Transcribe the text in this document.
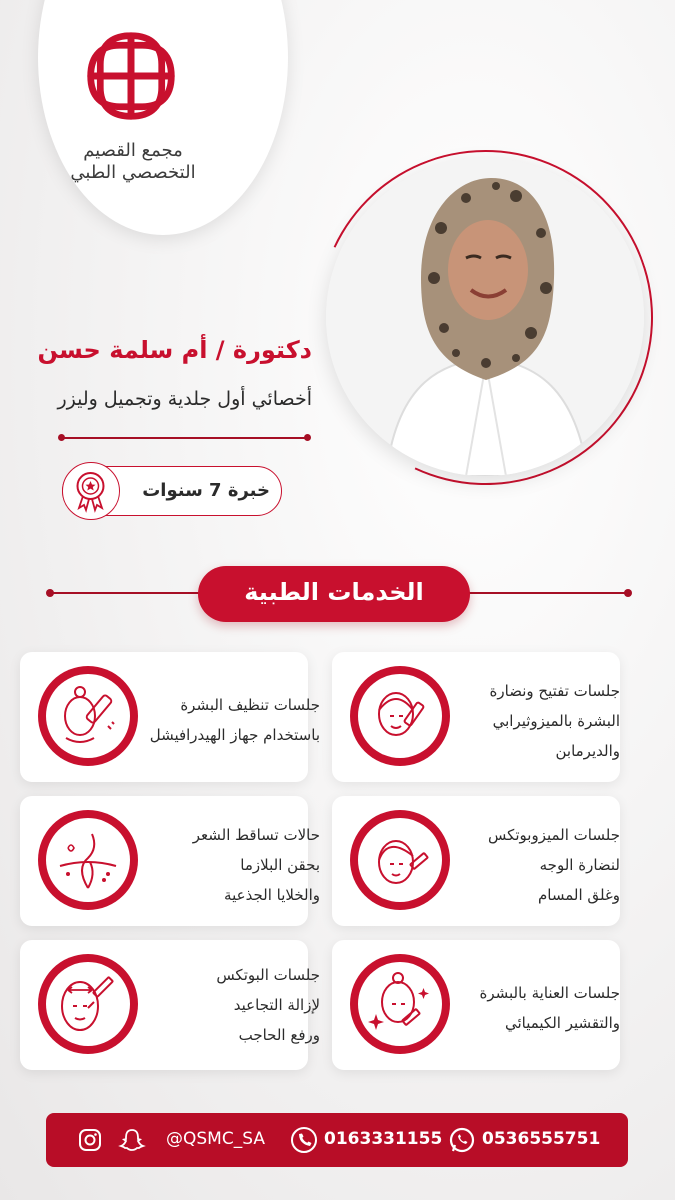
مجمع القصيم
التخصصي الطبي
دكتورة / أم سلمة حسن
أخصائي أول جلدية وتجميل وليزر
خبرة 7 سنوات
الخدمات الطبية
جلسات تفتيح ونضارة
البشرة بالميزوثيرابي
والديرمابن
جلسات تنظيف البشرة
باستخدام جهاز الهيدرافيشل
جلسات الميزوبوتكس
لنضارة الوجه
وغلق المسام
حالات تساقط الشعر
بحقن البلازما
والخلايا الجذعية
جلسات العناية بالبشرة
والتقشير الكيميائي
جلسات البوتكس
لإزالة التجاعيد
ورفع الحاجب
0536555751
0163331155
@QSMC_SA
